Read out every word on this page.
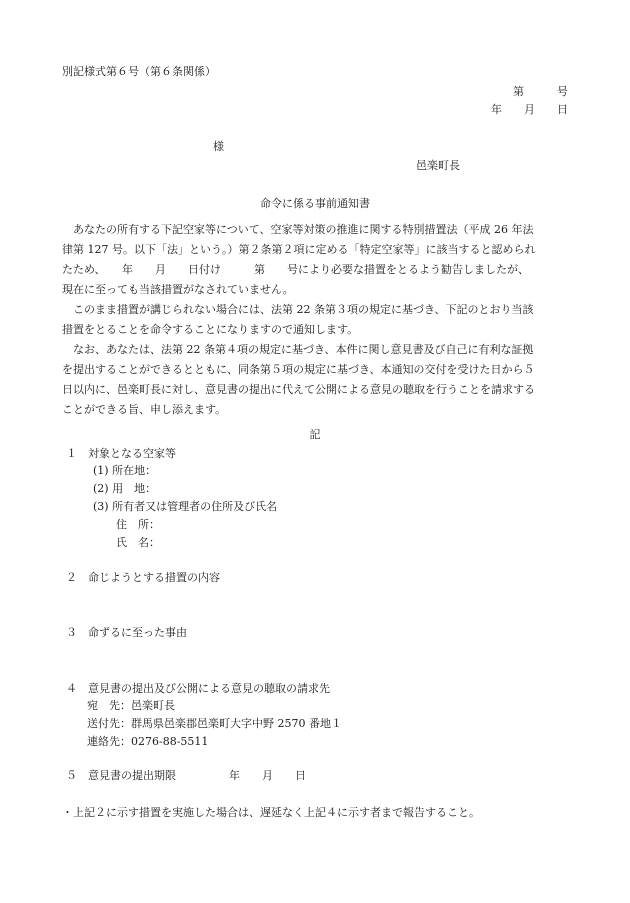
別記様式第６号（第６条関係）
第　　　号
年　　月　　日
様
邑楽町長
命令に係る事前通知書
あなたの所有する下記空家等について、空家等対策の推進に関する特別措置法（平成 26 年法
律第 127 号。以下「法」という。）第２条第２項に定める「特定空家等」に該当すると認められ
たため、　　年　　月　　日付け　　　第　　号により必要な措置をとるよう勧告しましたが、
現在に至っても当該措置がなされていません。
このまま措置が講じられない場合には、法第 22 条第３項の規定に基づき、下記のとおり当該
措置をとることを命令することになりますので通知します。
なお、あなたは、法第 22 条第４項の規定に基づき、本件に関し意見書及び自己に有利な証拠
を提出することができるとともに、同条第５項の規定に基づき、本通知の交付を受けた日から５
日以内に、邑楽町長に対し、意見書の提出に代えて公開による意見の聴取を行うことを請求する
ことができる旨、申し添えます。
記
１　対象となる空家等
(1) 所在地：
(2) 用　地：
(3) 所有者又は管理者の住所及び氏名
住　所：
氏　名：
２　命じようとする措置の内容
３　命ずるに至った事由
４　意見書の提出及び公開による意見の聴取の請求先
宛　先：邑楽町長
送付先：群馬県邑楽郡邑楽町大字中野 2570 番地１
連絡先：0276-88-5511
５　意見書の提出期限	年　　月　　日
・上記２に示す措置を実施した場合は、遅延なく上記４に示す者まで報告すること。
